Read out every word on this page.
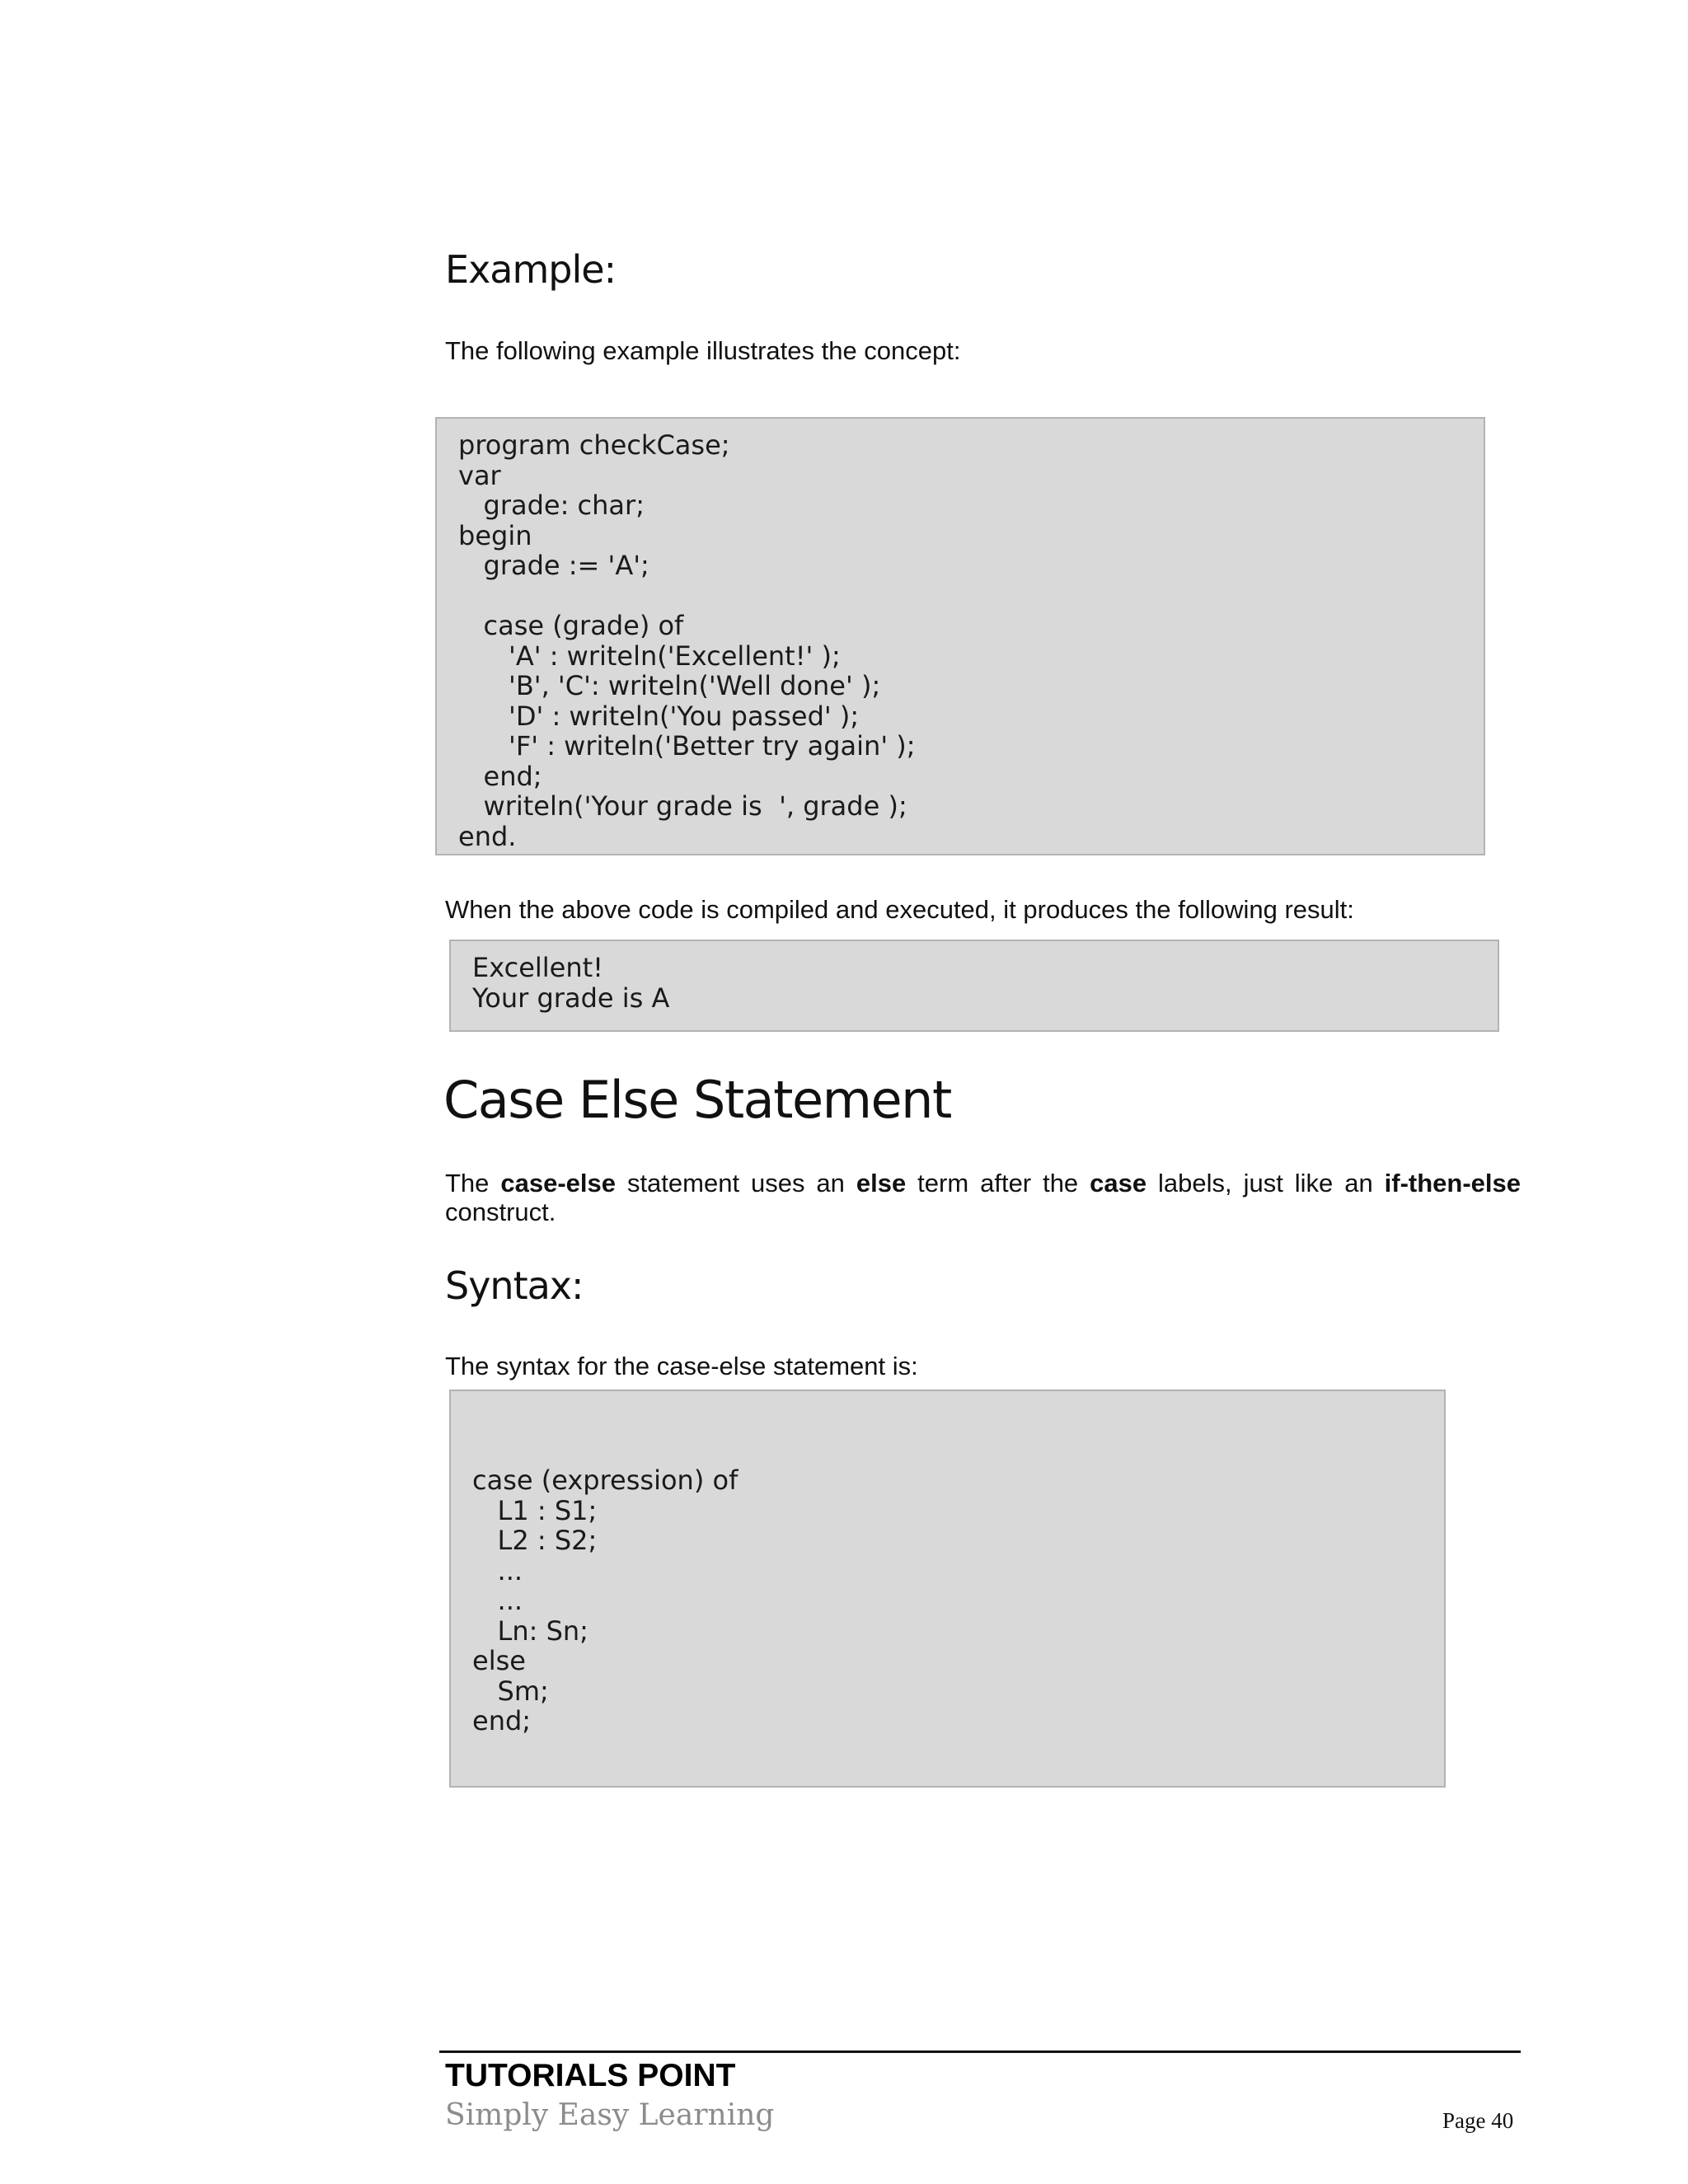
Example:

The following example illustrates the concept:

program checkCase;
var
grade: char;
begin
grade := 'A';
case (grade) of
'A' : writeln('Excellent!' );
'B', 'C': writeln('Well done' );
'D' : writeln('You passed' );
'F' : writeln('Better try again' );
end;
writeln('Your grade is  ', grade );
end.

When the above code is compiled and executed, it produces the following result:

Excellent!
Your grade is A
Case Else Statement

The case-else statement uses an else term after the case labels, just like an if-then-else construct.

Syntax:

The syntax for the case-else statement is:

case (expression) of
L1 : S1;
L2 : S2;
...
...
Ln: Sn;
else
Sm;
end;
TUTORIALS POINT
Simply Easy Learning	Page 40
